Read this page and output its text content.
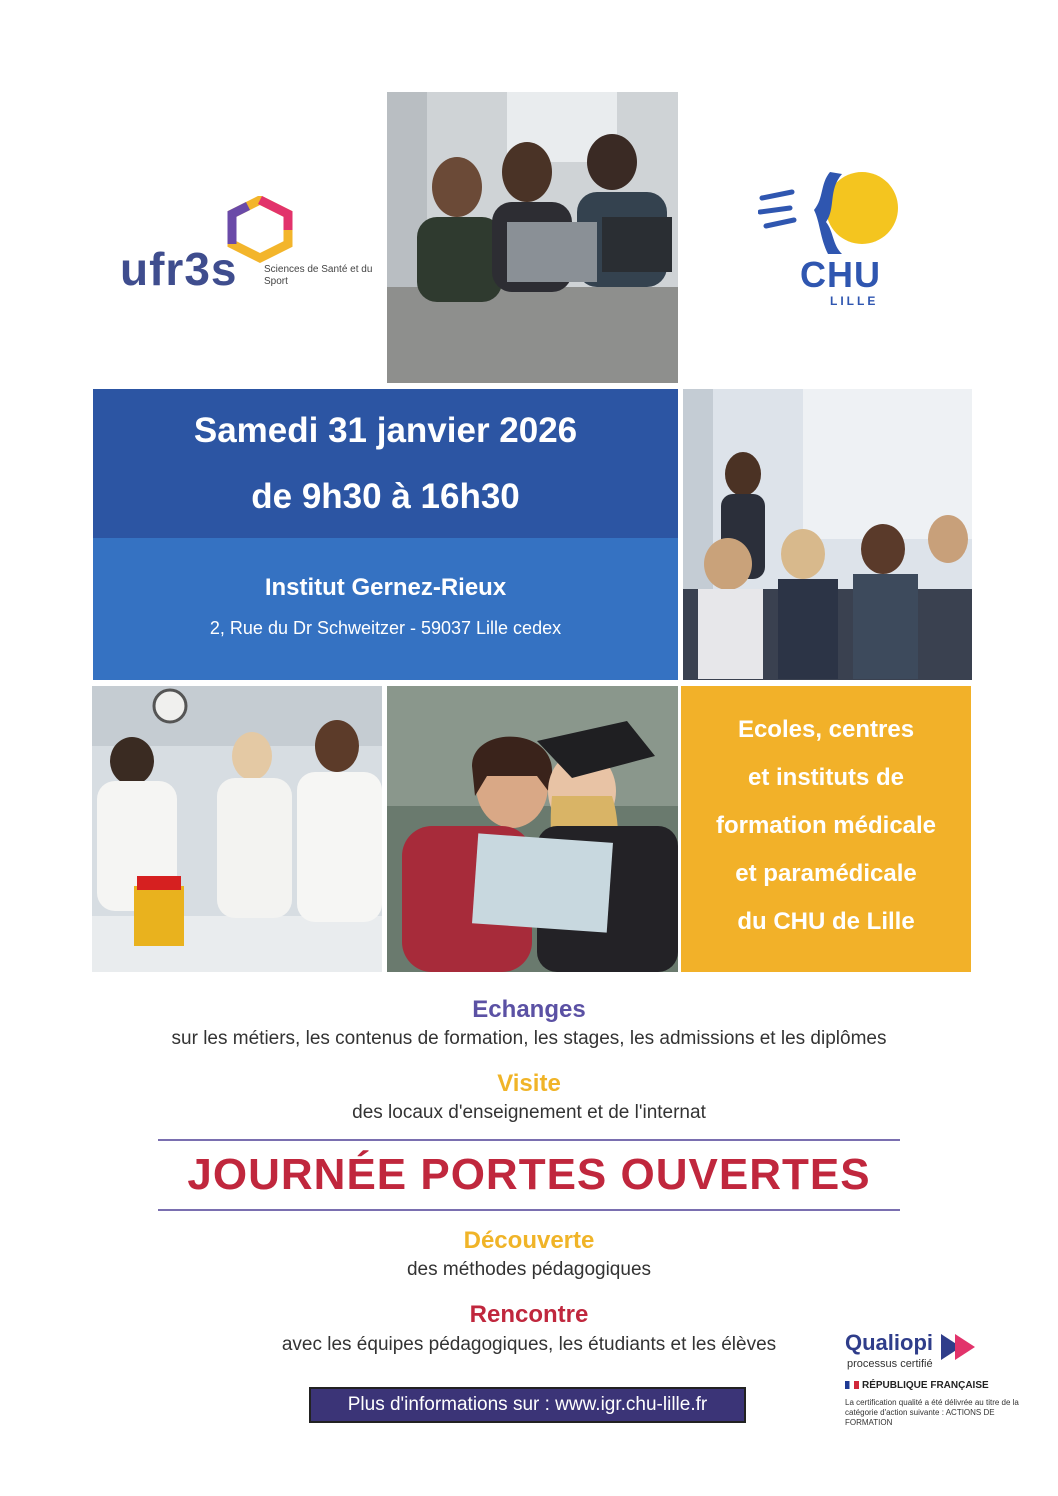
ufr3s	Sciences de Santé et du Sport	CHU
LILLE
Samedi 31 janvier 2026
de 9h30 à 16h30
Institut Gernez-Rieux
2, Rue du Dr Schweitzer - 59037 Lille cedex
Ecoles, centres
et instituts de
formation médicale
et paramédicale
du CHU de Lille
Echanges
sur les métiers, les contenus de formation, les stages, les admissions et les diplômes
Visite
des locaux d'enseignement et de l'internat
JOURNÉE PORTES OUVERTES
Découverte
des méthodes pédagogiques
Rencontre
avec les équipes pédagogiques, les étudiants et les élèves
Plus d'informations sur : www.igr.chu-lille.fr
Qualiopi
processus certifié
RÉPUBLIQUE FRANÇAISE
La certification qualité a été délivrée au titre de la catégorie d'action suivante : ACTIONS DE FORMATION
